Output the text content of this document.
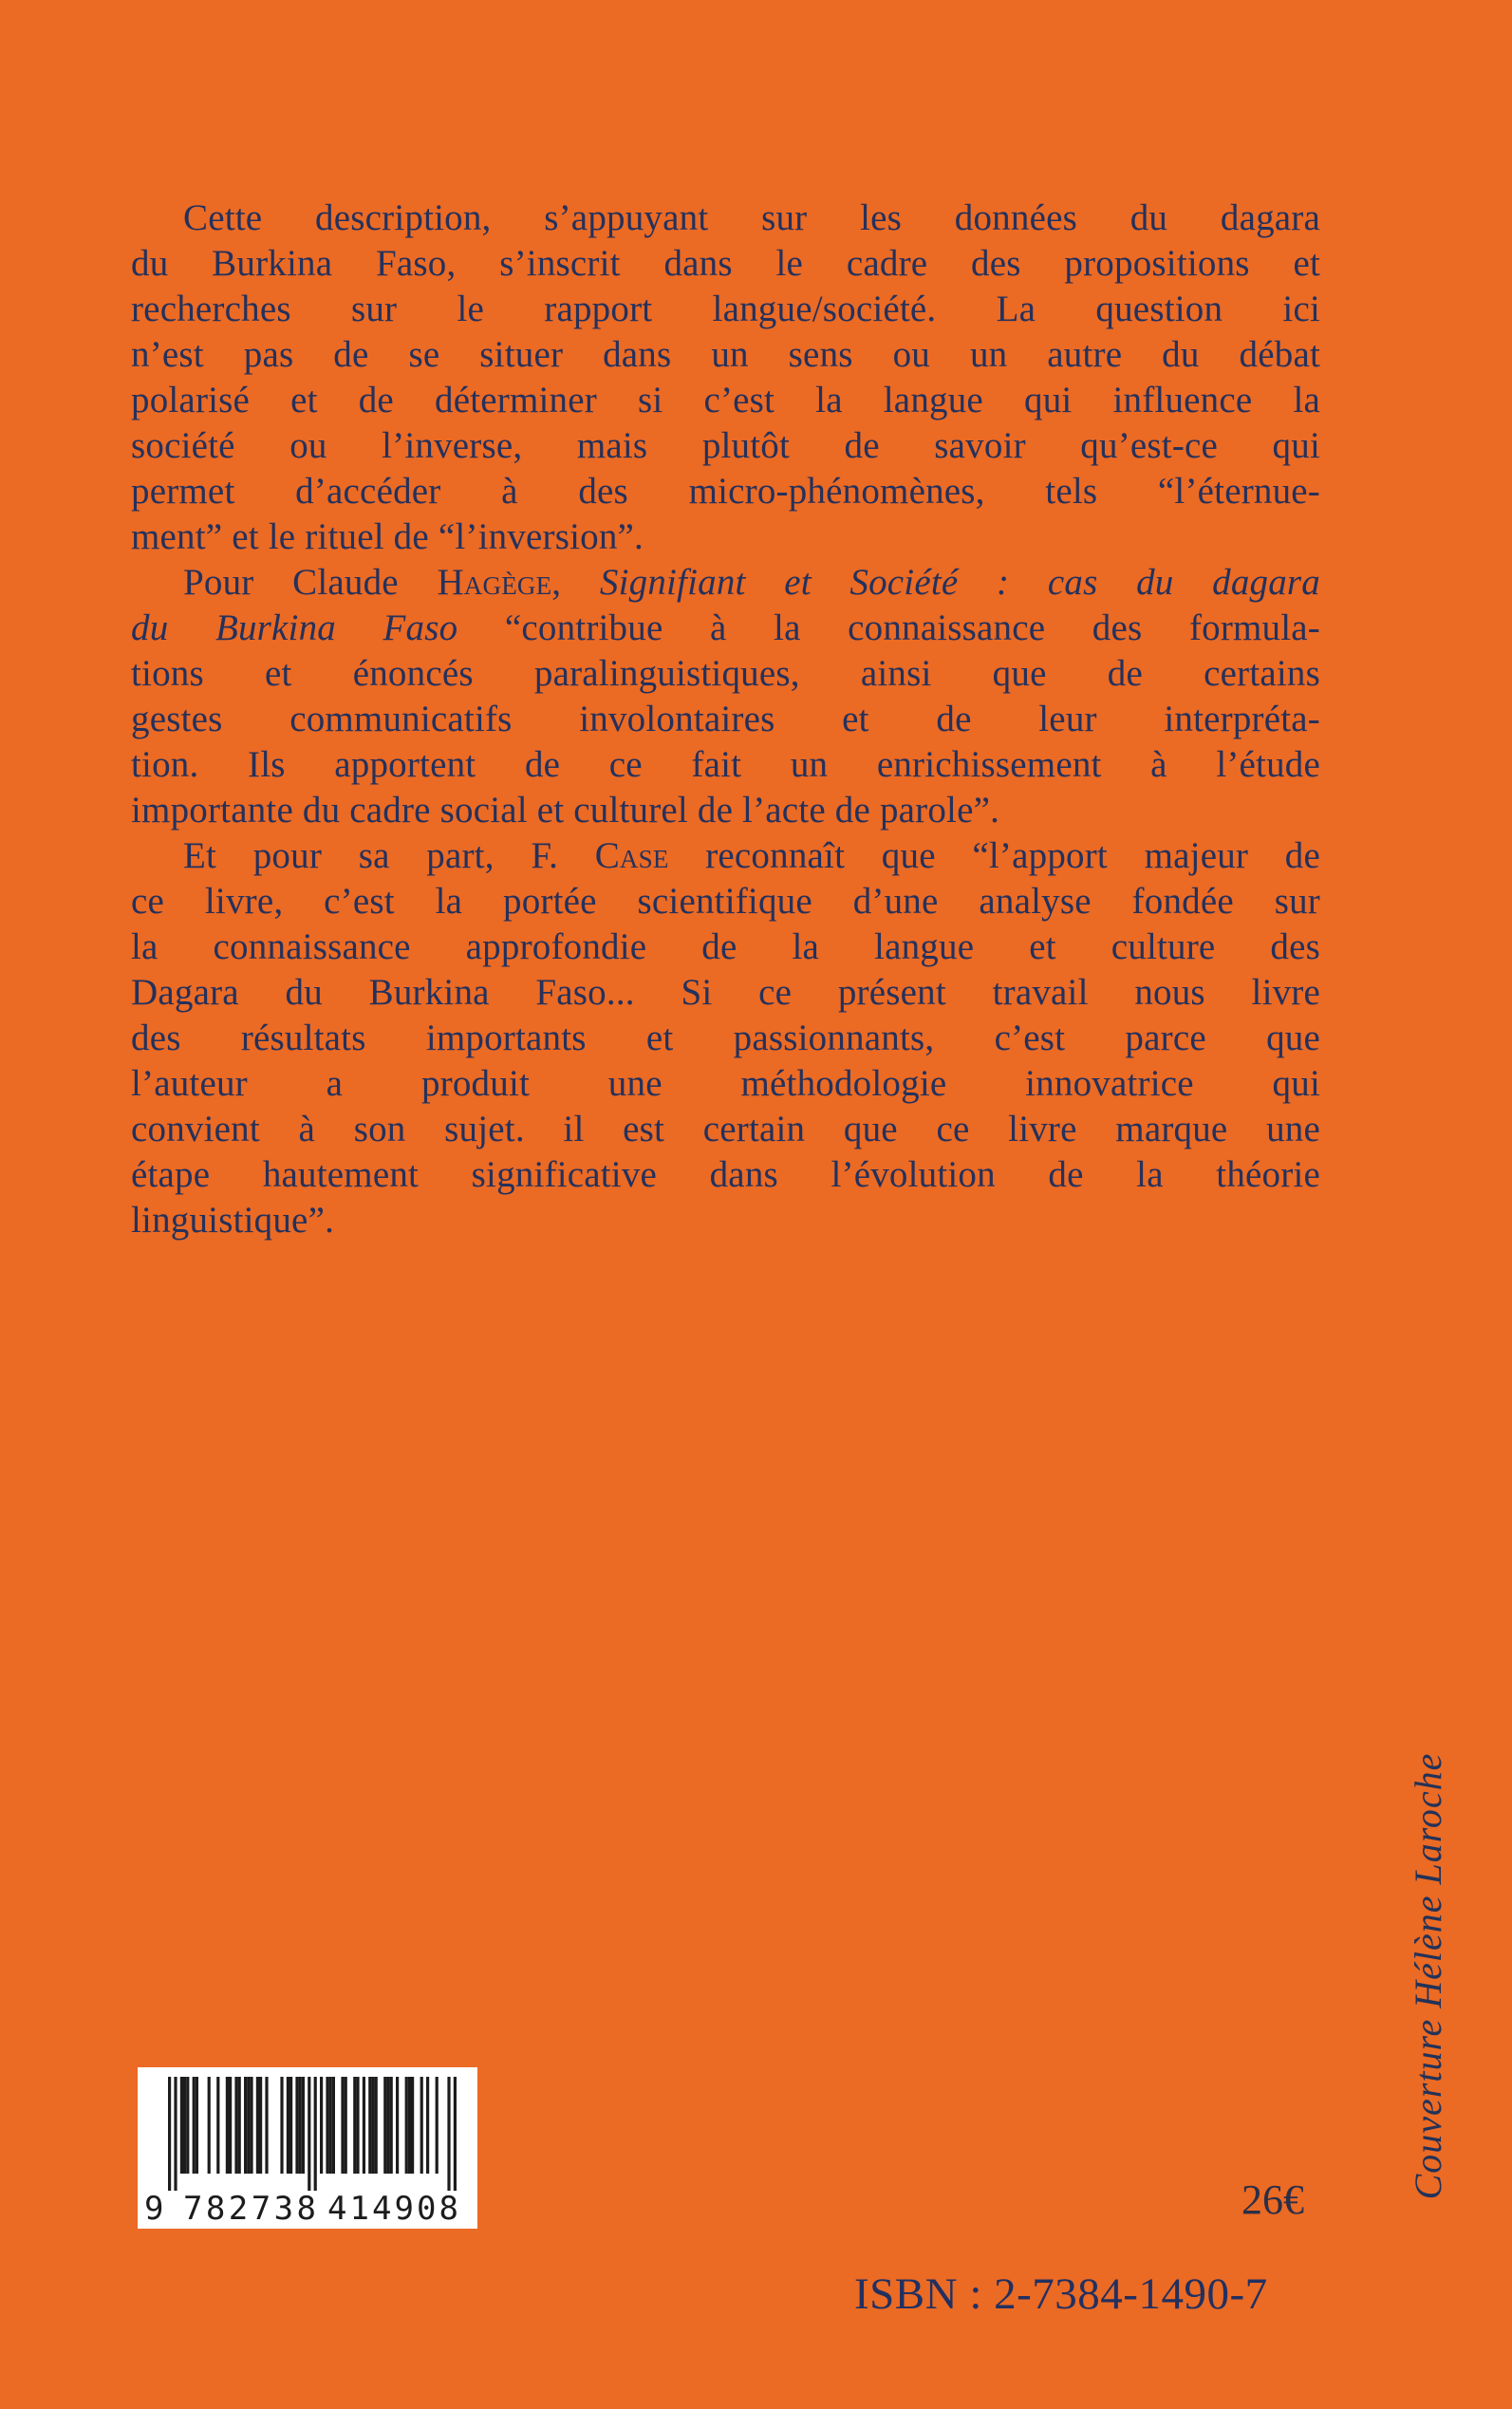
Cette description, s’appuyant sur les données du dagara
du Burkina Faso, s’inscrit dans le cadre des propositions et
recherches sur le rapport langue/société. La question ici
n’est pas de se situer dans un sens ou un autre du débat
polarisé et de déterminer si c’est la langue qui influence la
société ou l’inverse, mais plutôt de savoir qu’est-ce qui
permet d’accéder à des micro-phénomènes, tels “l’éternue-
ment” et le rituel de “l’inversion”.
Pour Claude Hagège, Signifiant et Société : cas du dagara
du Burkina Faso “contribue à la connaissance des formula-
tions et énoncés paralinguistiques, ainsi que de certains
gestes communicatifs involontaires et de leur interpréta-
tion. Ils apportent de ce fait un enrichissement à l’étude
importante du cadre social et culturel de l’acte de parole”.
Et pour sa part, F. Case reconnaît que “l’apport majeur de
ce livre, c’est la portée scientifique d’une analyse fondée sur
la connaissance approfondie de la langue et culture des
Dagara du Burkina Faso... Si ce présent travail nous livre
des résultats importants et passionnants, c’est parce que
l’auteur a produit une méthodologie innovatrice qui
convient à son sujet. il est certain que ce livre marque une
étape hautement significative dans l’évolution de la théorie
linguistique”.
9 782738 414908	26€
ISBN : 2-7384-1490-7
Couverture Hélène Laroche
